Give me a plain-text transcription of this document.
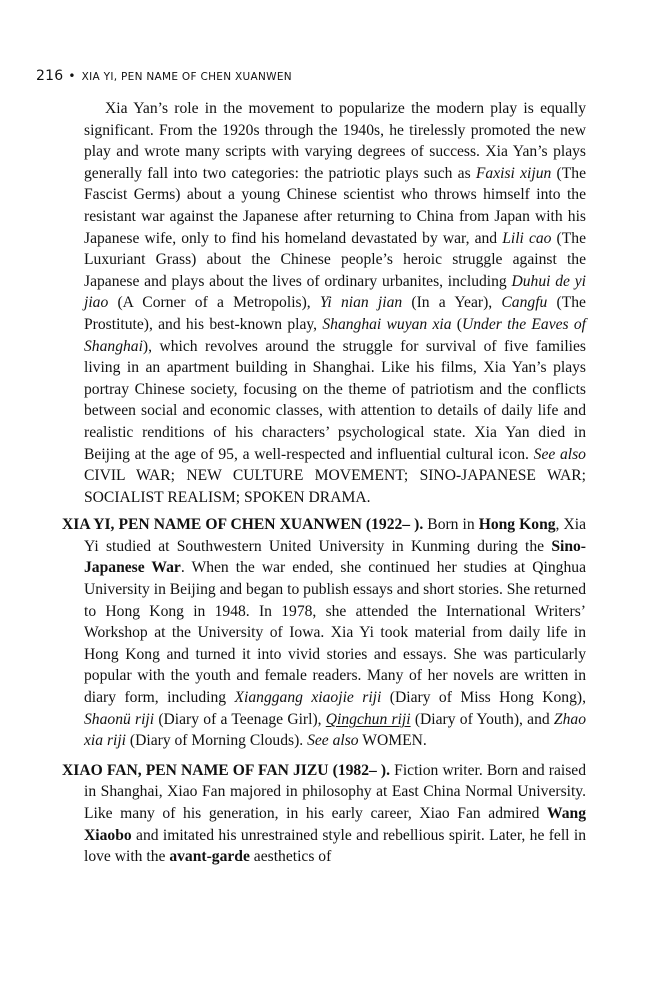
216 • XIA YI, PEN NAME OF CHEN XUANWEN

Xia Yan’s role in the movement to popularize the modern play is equally significant. From the 1920s through the 1940s, he tirelessly promoted the new play and wrote many scripts with varying degrees of success. Xia Yan’s plays generally fall into two categories: the patriotic plays such as Faxisi xijun (The Fascist Germs) about a young Chinese scientist who throws himself into the resistant war against the Japanese after returning to China from Japan with his Japanese wife, only to find his homeland devastated by war, and Lili cao (The Luxuriant Grass) about the Chinese people’s heroic struggle against the Japanese and plays about the lives of ordinary urbanites, including Duhui de yi jiao (A Corner of a Metropolis), Yi nian jian (In a Year), Cangfu (The Prostitute), and his best-known play, Shanghai wuyan xia (Under the Eaves of Shanghai), which revolves around the struggle for survival of five families living in an apartment building in Shanghai. Like his films, Xia Yan’s plays portray Chinese society, focusing on the theme of patriotism and the conflicts between social and economic classes, with attention to details of daily life and realistic renditions of his characters’ psychological state. Xia Yan died in Beijing at the age of 95, a well-respected and influential cultural icon. See also CIVIL WAR; NEW CULTURE MOVEMENT; SINO-JAPANESE WAR; SOCIALIST REALISM; SPOKEN DRAMA.

XIA YI, PEN NAME OF CHEN XUANWEN (1922– ). Born in Hong Kong, Xia Yi studied at Southwestern United University in Kunming during the Sino-Japanese War. When the war ended, she continued her studies at Qinghua University in Beijing and began to publish essays and short stories. She returned to Hong Kong in 1948. In 1978, she attended the International Writers’ Workshop at the University of Iowa. Xia Yi took material from daily life in Hong Kong and turned it into vivid stories and essays. She was particularly popular with the youth and female readers. Many of her novels are written in diary form, including Xianggang xiaojie riji (Diary of Miss Hong Kong), Shaonü riji (Diary of a Teenage Girl), Qingchun riji (Diary of Youth), and Zhao xia riji (Diary of Morning Clouds). See also WOMEN.

XIAO FAN, PEN NAME OF FAN JIZU (1982– ). Fiction writer. Born and raised in Shanghai, Xiao Fan majored in philosophy at East China Normal University. Like many of his generation, in his early career, Xiao Fan admired Wang Xiaobo and imitated his unrestrained style and rebellious spirit. Later, he fell in love with the avant-garde aesthetics of
